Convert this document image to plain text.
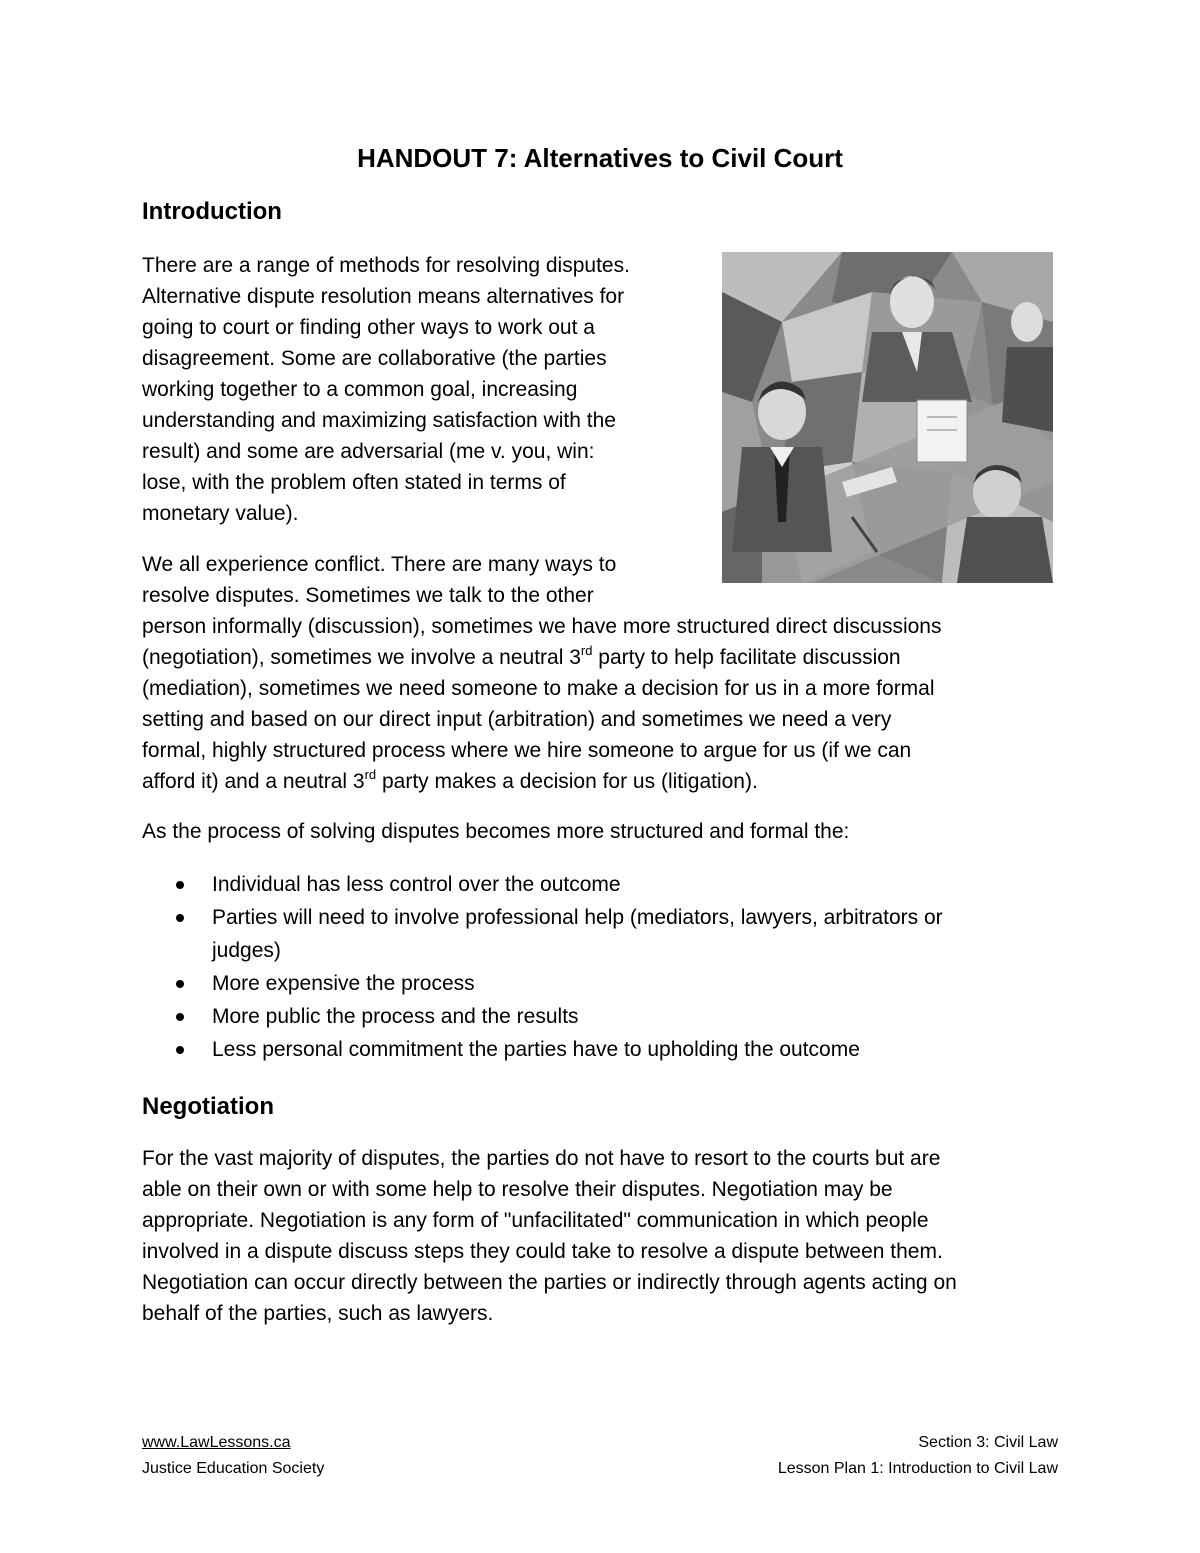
HANDOUT 7: Alternatives to Civil Court
Introduction
There are a range of methods for resolving disputes.
Alternative dispute resolution means alternatives for
going to court or finding other ways to work out a
disagreement. Some are collaborative (the parties
working together to a common goal, increasing
understanding and maximizing satisfaction with the
result) and some are adversarial (me v. you, win:
lose, with the problem often stated in terms of
monetary value).
We all experience conflict. There are many ways to
resolve disputes. Sometimes we talk to the other
person informally (discussion), sometimes we have more structured direct discussions
(negotiation), sometimes we involve a neutral 3rd party to help facilitate discussion
(mediation), sometimes we need someone to make a decision for us in a more formal
setting and based on our direct input (arbitration) and sometimes we need a very
formal, highly structured process where we hire someone to argue for us (if we can
afford it) and a neutral 3rd party makes a decision for us (litigation).
As the process of solving disputes becomes more structured and formal the:
Individual has less control over the outcome
Parties will need to involve professional help (mediators, lawyers, arbitrators or
judges)
More expensive the process
More public the process and the results
Less personal commitment the parties have to upholding the outcome
Negotiation
For the vast majority of disputes, the parties do not have to resort to the courts but are
able on their own or with some help to resolve their disputes. Negotiation may be
appropriate. Negotiation is any form of "unfacilitated" communication in which people
involved in a dispute discuss steps they could take to resolve a dispute between them.
Negotiation can occur directly between the parties or indirectly through agents acting on
behalf of the parties, such as lawyers.
www.LawLessons.ca
Justice Education Society
Section 3: Civil Law
Lesson Plan 1: Introduction to Civil Law
